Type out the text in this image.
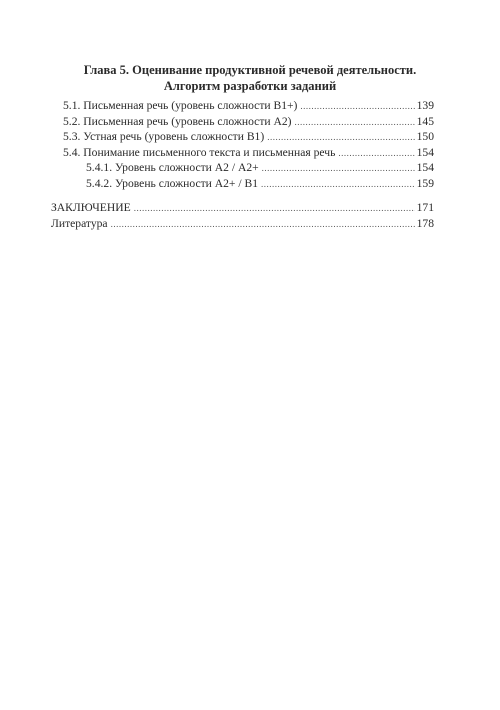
Глава 5. Оценивание продуктивной речевой деятельности.
Алгоритм разработки заданий
5.1. Письменная речь (уровень сложности В1+) .....	139
5.2. Письменная речь (уровень сложности А2) .....	145
5.3. Устная речь (уровень сложности В1) .....	150
5.4. Понимание письменного текста и письменная речь .....	154
5.4.1. Уровень сложности А2 / А2+ .....	154
5.4.2. Уровень сложности А2+ / В1 .....	159
ЗАКЛЮЧЕНИЕ .....	171
Литература .....	178
